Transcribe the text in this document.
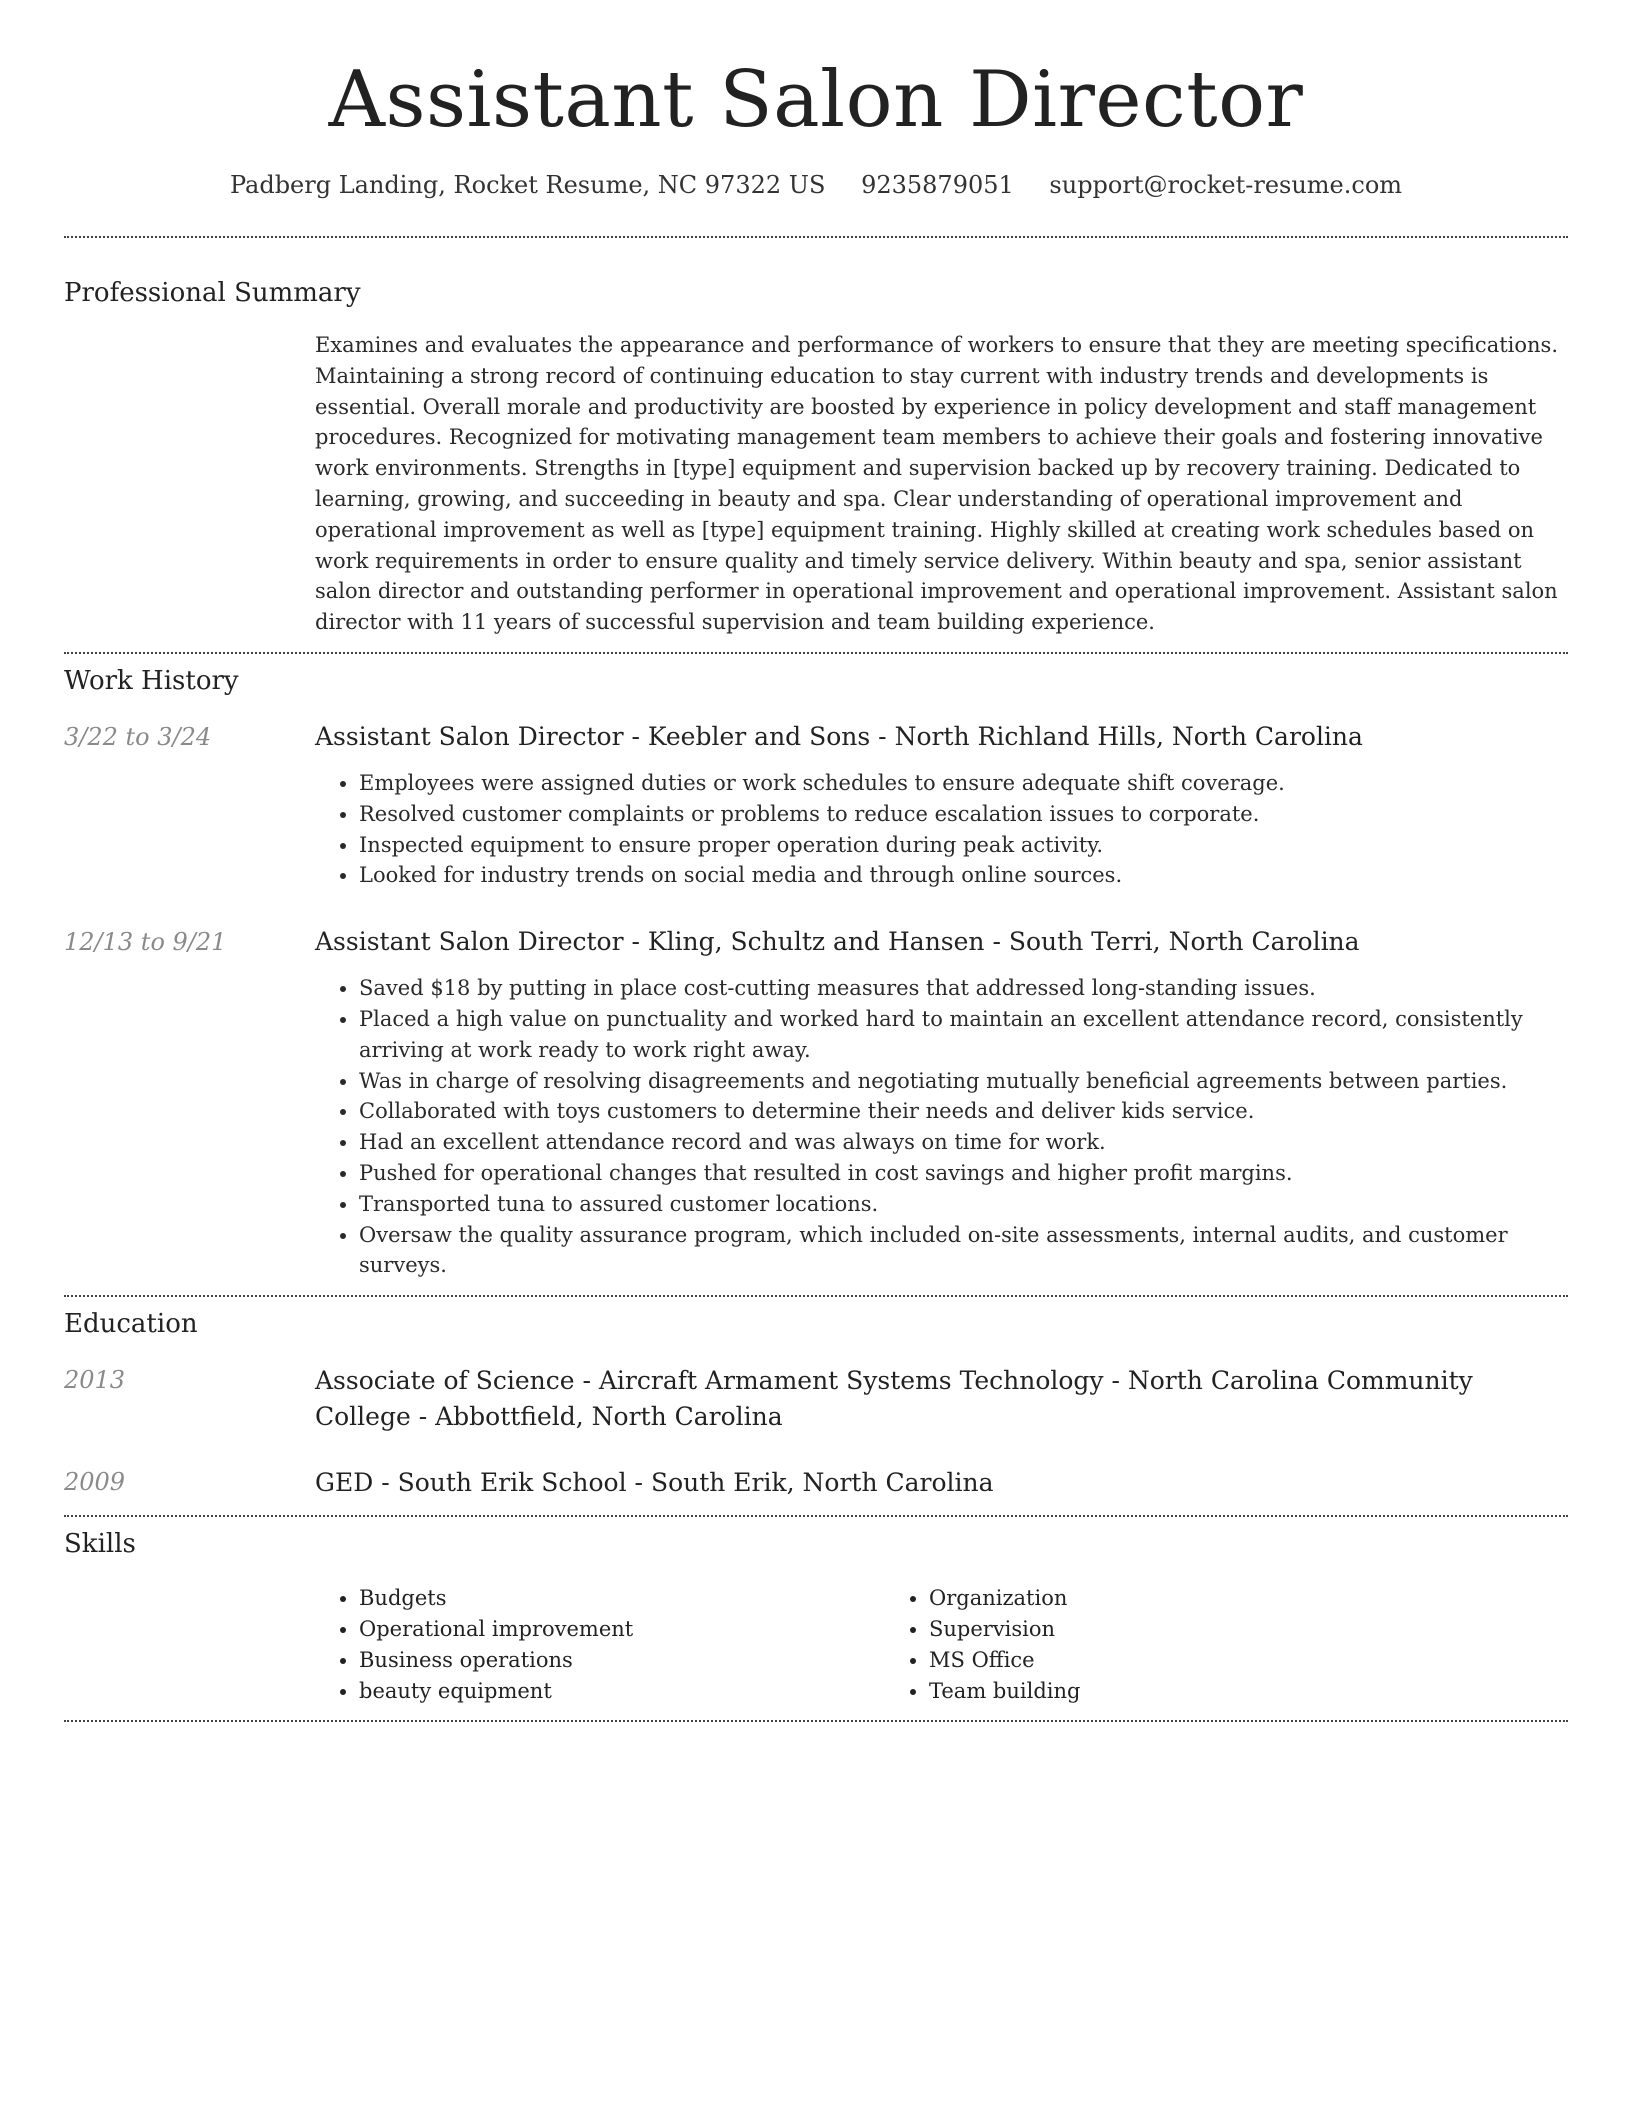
Assistant Salon Director
Padberg Landing, Rocket Resume, NC 97322 US 9235879051 support@rocket-resume.com
Professional Summary

Examines and evaluates the appearance and performance of workers to ensure that they are meeting specifications. Maintaining a strong record of continuing education to stay current with industry trends and developments is essential. Overall morale and productivity are boosted by experience in policy development and staff management procedures. Recognized for motivating management team members to achieve their goals and fostering innovative work environments. Strengths in [type] equipment and supervision backed up by recovery training. Dedicated to learning, growing, and succeeding in beauty and spa. Clear understanding of operational improvement and operational improvement as well as [type] equipment training. Highly skilled at creating work schedules based on work requirements in order to ensure quality and timely service delivery. Within beauty and spa, senior assistant salon director and outstanding performer in operational improvement and operational improvement. Assistant salon director with 11 years of successful supervision and team building experience.

Work History
3/22 to 3/24	Assistant Salon Director - Keebler and Sons - North Richland Hills, North Carolina
• Employees were assigned duties or work schedules to ensure adequate shift coverage.
• Resolved customer complaints or problems to reduce escalation issues to corporate.
• Inspected equipment to ensure proper operation during peak activity.
• Looked for industry trends on social media and through online sources.
12/13 to 9/21	Assistant Salon Director - Kling, Schultz and Hansen - South Terri, North Carolina
• Saved $18 by putting in place cost-cutting measures that addressed long-standing issues.
• Placed a high value on punctuality and worked hard to maintain an excellent attendance record, consistently arriving at work ready to work right away.
• Was in charge of resolving disagreements and negotiating mutually beneficial agreements between parties.
• Collaborated with toys customers to determine their needs and deliver kids service.
• Had an excellent attendance record and was always on time for work.
• Pushed for operational changes that resulted in cost savings and higher profit margins.
• Transported tuna to assured customer locations.
• Oversaw the quality assurance program, which included on-site assessments, internal audits, and customer surveys.
Education
2013	Associate of Science - Aircraft Armament Systems Technology - North Carolina Community College - Abbottfield, North Carolina
2009	GED - South Erik School - South Erik, North Carolina
Skills
• Budgets
• Operational improvement
• Business operations
• beauty equipment
• Organization
• Supervision
• MS Office
• Team building
